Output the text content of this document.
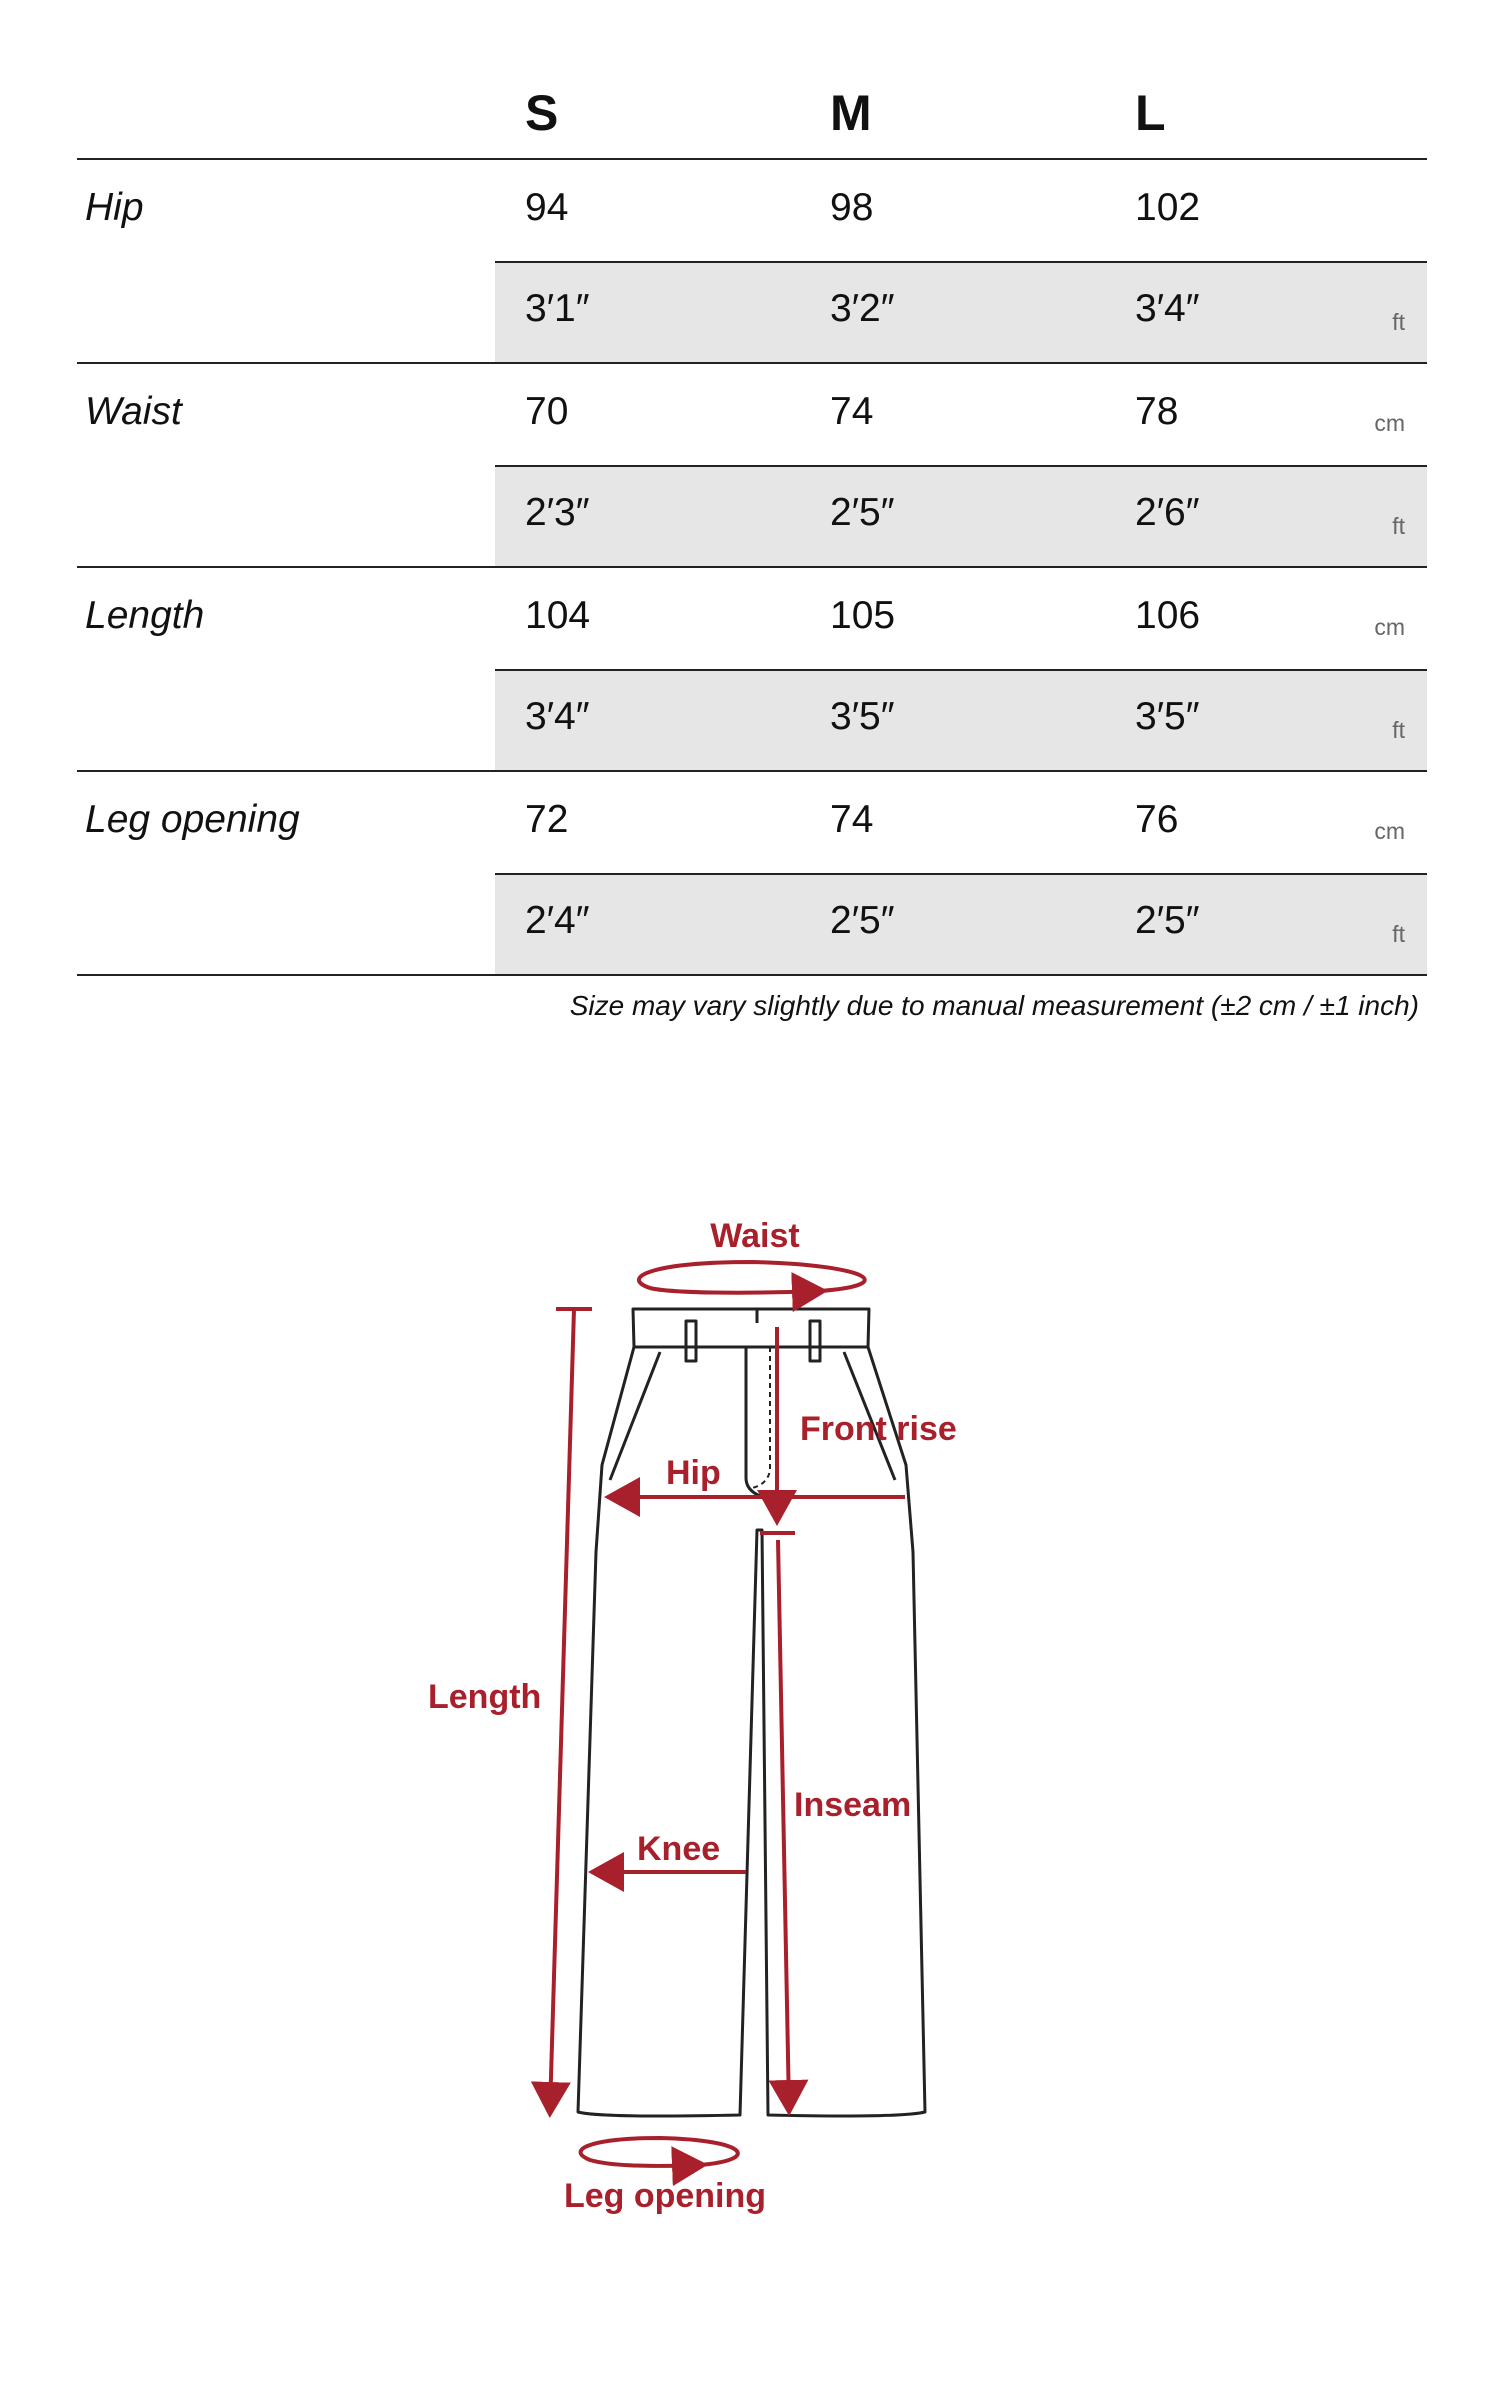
S	M	L
Hip	94	98	102
3′1″	3′2″	3′4″	ft
Waist	70	74	78	cm
2′3″	2′5″	2′6″	ft
Length	104	105	106	cm
3′4″	3′5″	3′5″	ft
Leg opening	72	74	76	cm
2′4″	2′5″	2′5″	ft
Size may vary slightly due to manual measurement (±2 cm / ±1 inch)
Waist
Front rise
Hip
Length
Inseam
Knee
Leg opening
